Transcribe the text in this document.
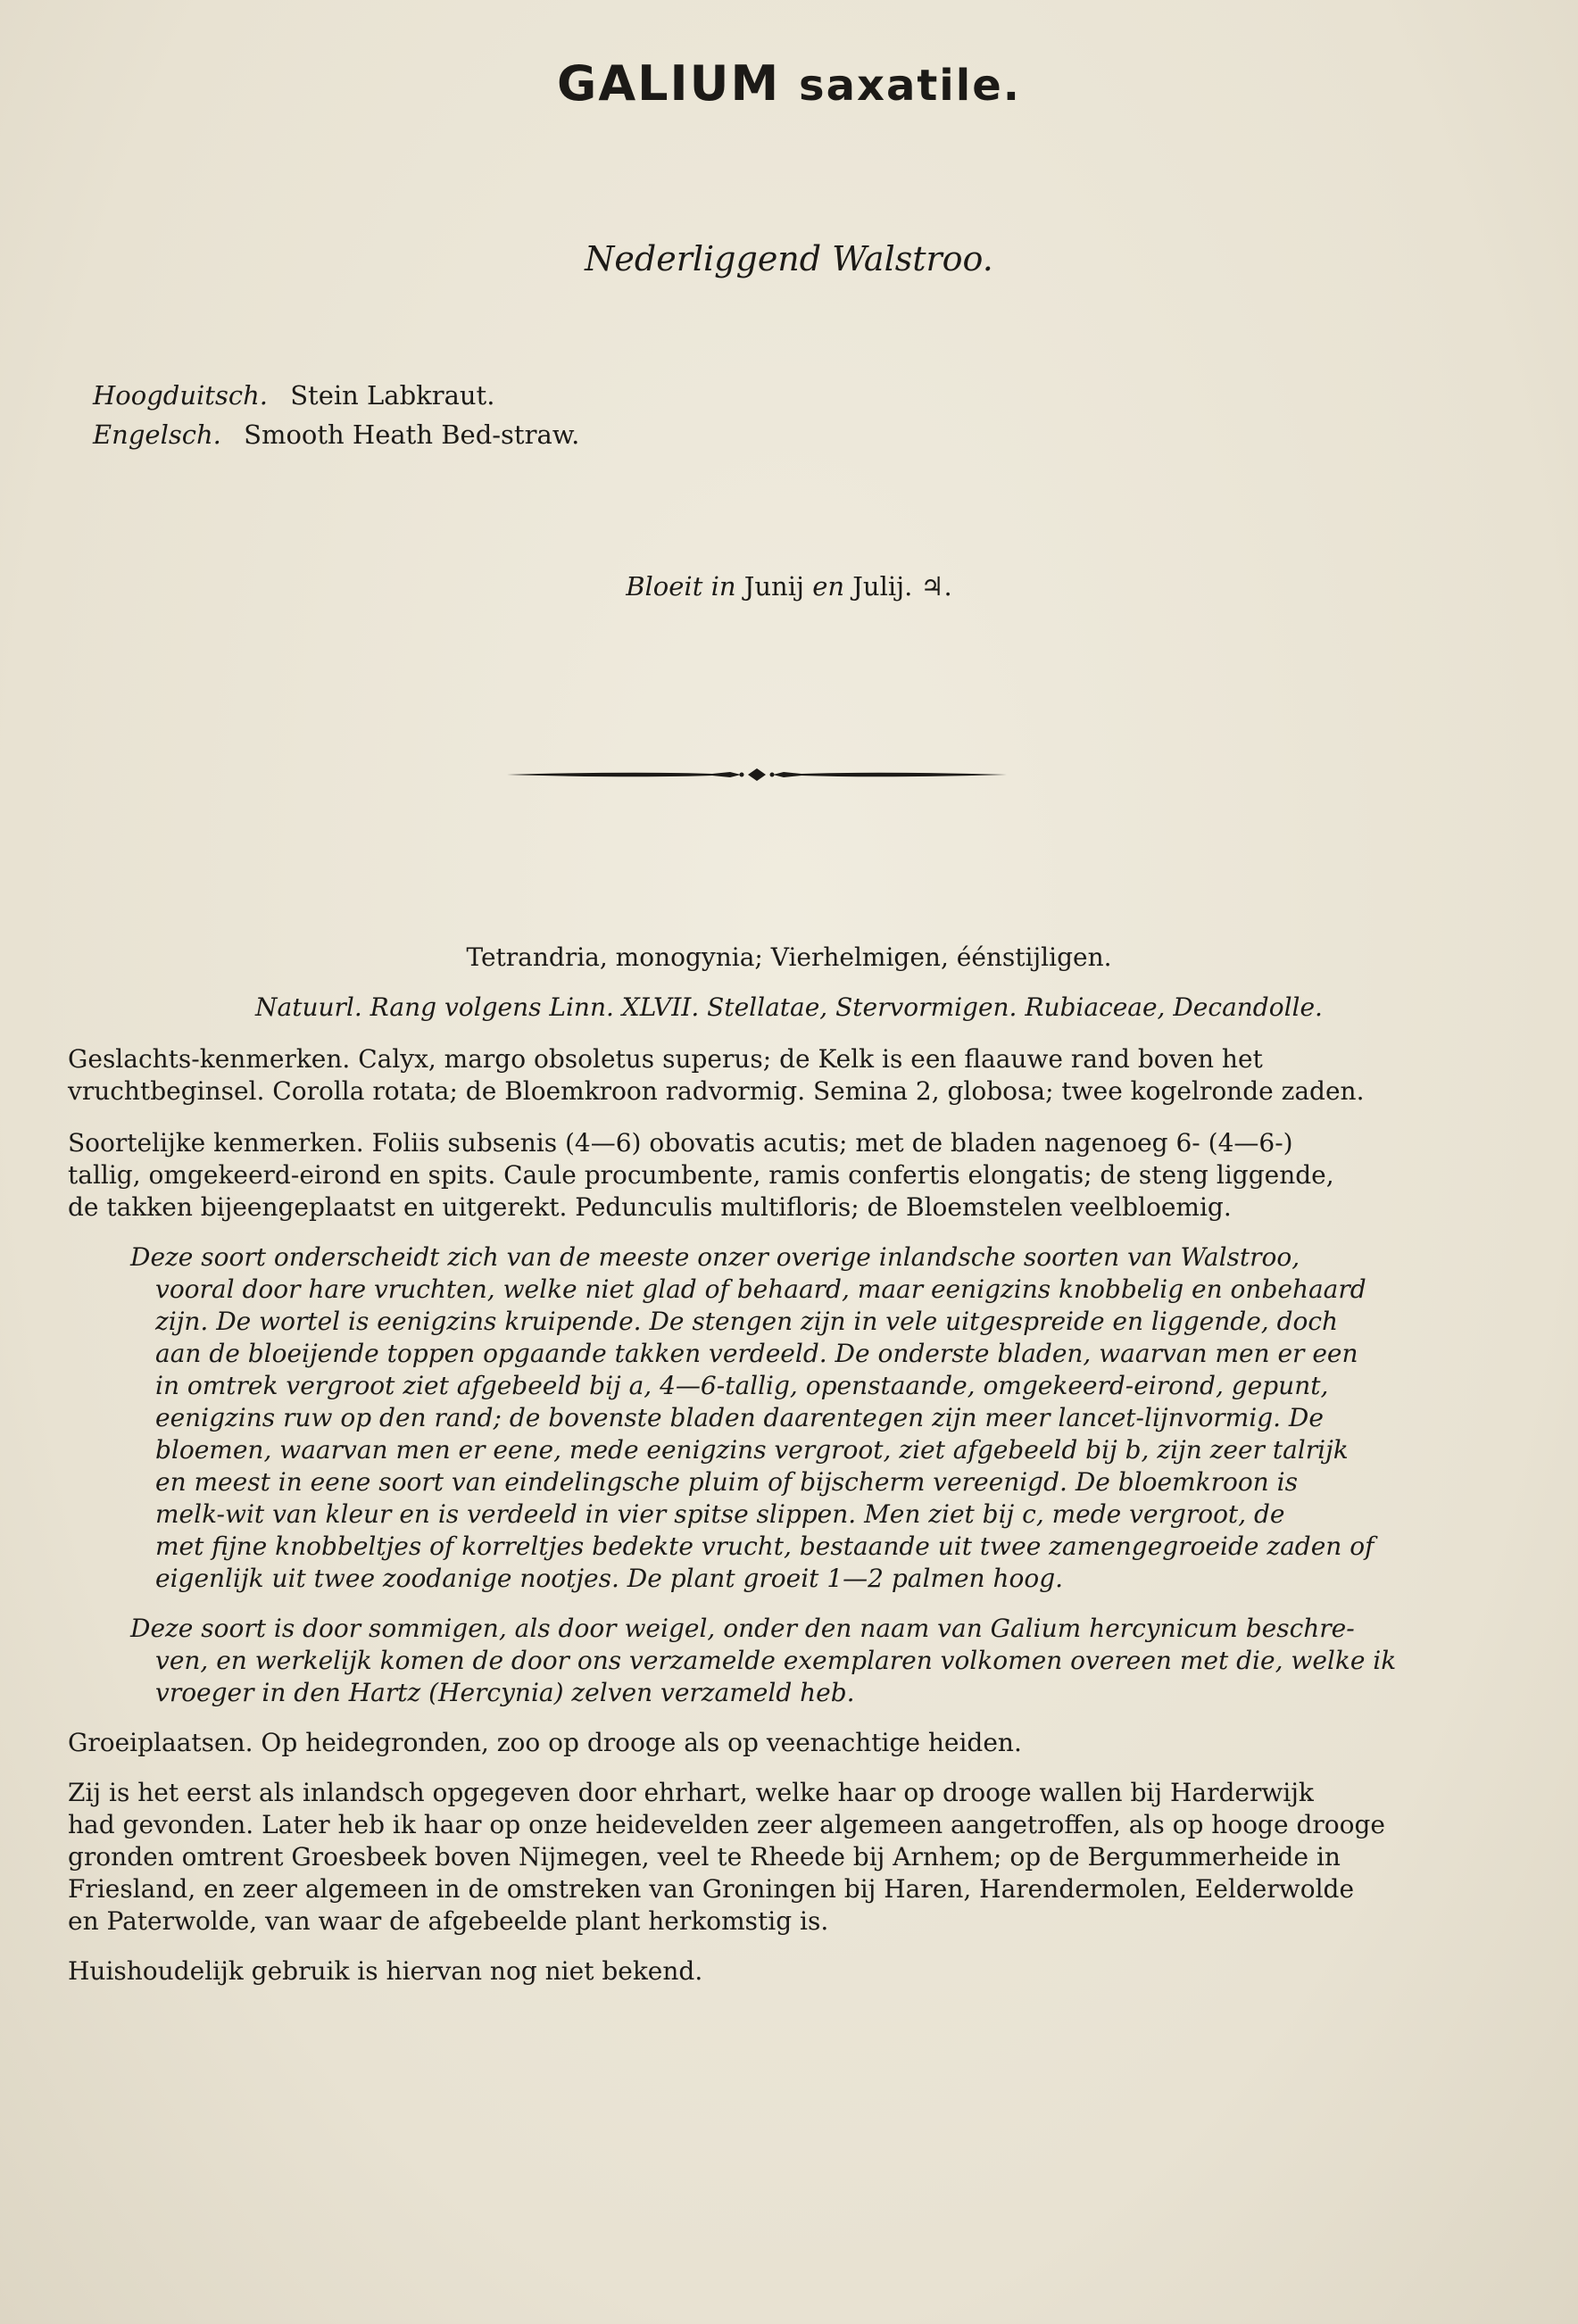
GALIUM saxatile.
Nederliggend Walstroo.
Hoogduitsch. Stein Labkraut.
Engelsch. Smooth Heath Bed-straw.
Bloeit in Junij en Julij. ♃.
Tetrandria, monogynia; Vierhelmigen, éénstijligen.
Natuurl. Rang volgens Linn. XLVII. Stellatae, Stervormigen. Rubiaceae, Decandolle.
Geslachts-kenmerken. Calyx, margo obsoletus superus; de Kelk is een flaauwe rand boven het
vruchtbeginsel. Corolla rotata; de Bloemkroon radvormig. Semina 2, globosa; twee kogelronde zaden.
Soortelijke kenmerken. Foliis subsenis (4—6) obovatis acutis; met de bladen nagenoeg 6- (4—6-)
tallig, omgekeerd-eirond en spits. Caule procumbente, ramis confertis elongatis; de steng liggende,
de takken bijeengeplaatst en uitgerekt. Pedunculis multifloris; de Bloemstelen veelbloemig.
Deze soort onderscheidt zich van de meeste onzer overige inlandsche soorten van Walstroo,
vooral door hare vruchten, welke niet glad of behaard, maar eenigzins knobbelig en onbehaard
zijn. De wortel is eenigzins kruipende. De stengen zijn in vele uitgespreide en liggende, doch
aan de bloeijende toppen opgaande takken verdeeld. De onderste bladen, waarvan men er een
in omtrek vergroot ziet afgebeeld bij a, 4—6-tallig, openstaande, omgekeerd-eirond, gepunt,
eenigzins ruw op den rand; de bovenste bladen daarentegen zijn meer lancet-lijnvormig. De
bloemen, waarvan men er eene, mede eenigzins vergroot, ziet afgebeeld bij b, zijn zeer talrijk
en meest in eene soort van eindelingsche pluim of bijscherm vereenigd. De bloemkroon is
melk-wit van kleur en is verdeeld in vier spitse slippen. Men ziet bij c, mede vergroot, de
met fijne knobbeltjes of korreltjes bedekte vrucht, bestaande uit twee zamengegroeide zaden of
eigenlijk uit twee zoodanige nootjes. De plant groeit 1—2 palmen hoog.
Deze soort is door sommigen, als door weigel, onder den naam van Galium hercynicum beschre-
ven, en werkelijk komen de door ons verzamelde exemplaren volkomen overeen met die, welke ik
vroeger in den Hartz (Hercynia) zelven verzameld heb.
Groeiplaatsen. Op heidegronden, zoo op drooge als op veenachtige heiden.
Zij is het eerst als inlandsch opgegeven door ehrhart, welke haar op drooge wallen bij Harderwijk
had gevonden. Later heb ik haar op onze heidevelden zeer algemeen aangetroffen, als op hooge drooge
gronden omtrent Groesbeek boven Nijmegen, veel te Rheede bij Arnhem; op de Bergummerheide in
Friesland, en zeer algemeen in de omstreken van Groningen bij Haren, Harendermolen, Eelderwolde
en Paterwolde, van waar de afgebeelde plant herkomstig is.
Huishoudelijk gebruik is hiervan nog niet bekend.
